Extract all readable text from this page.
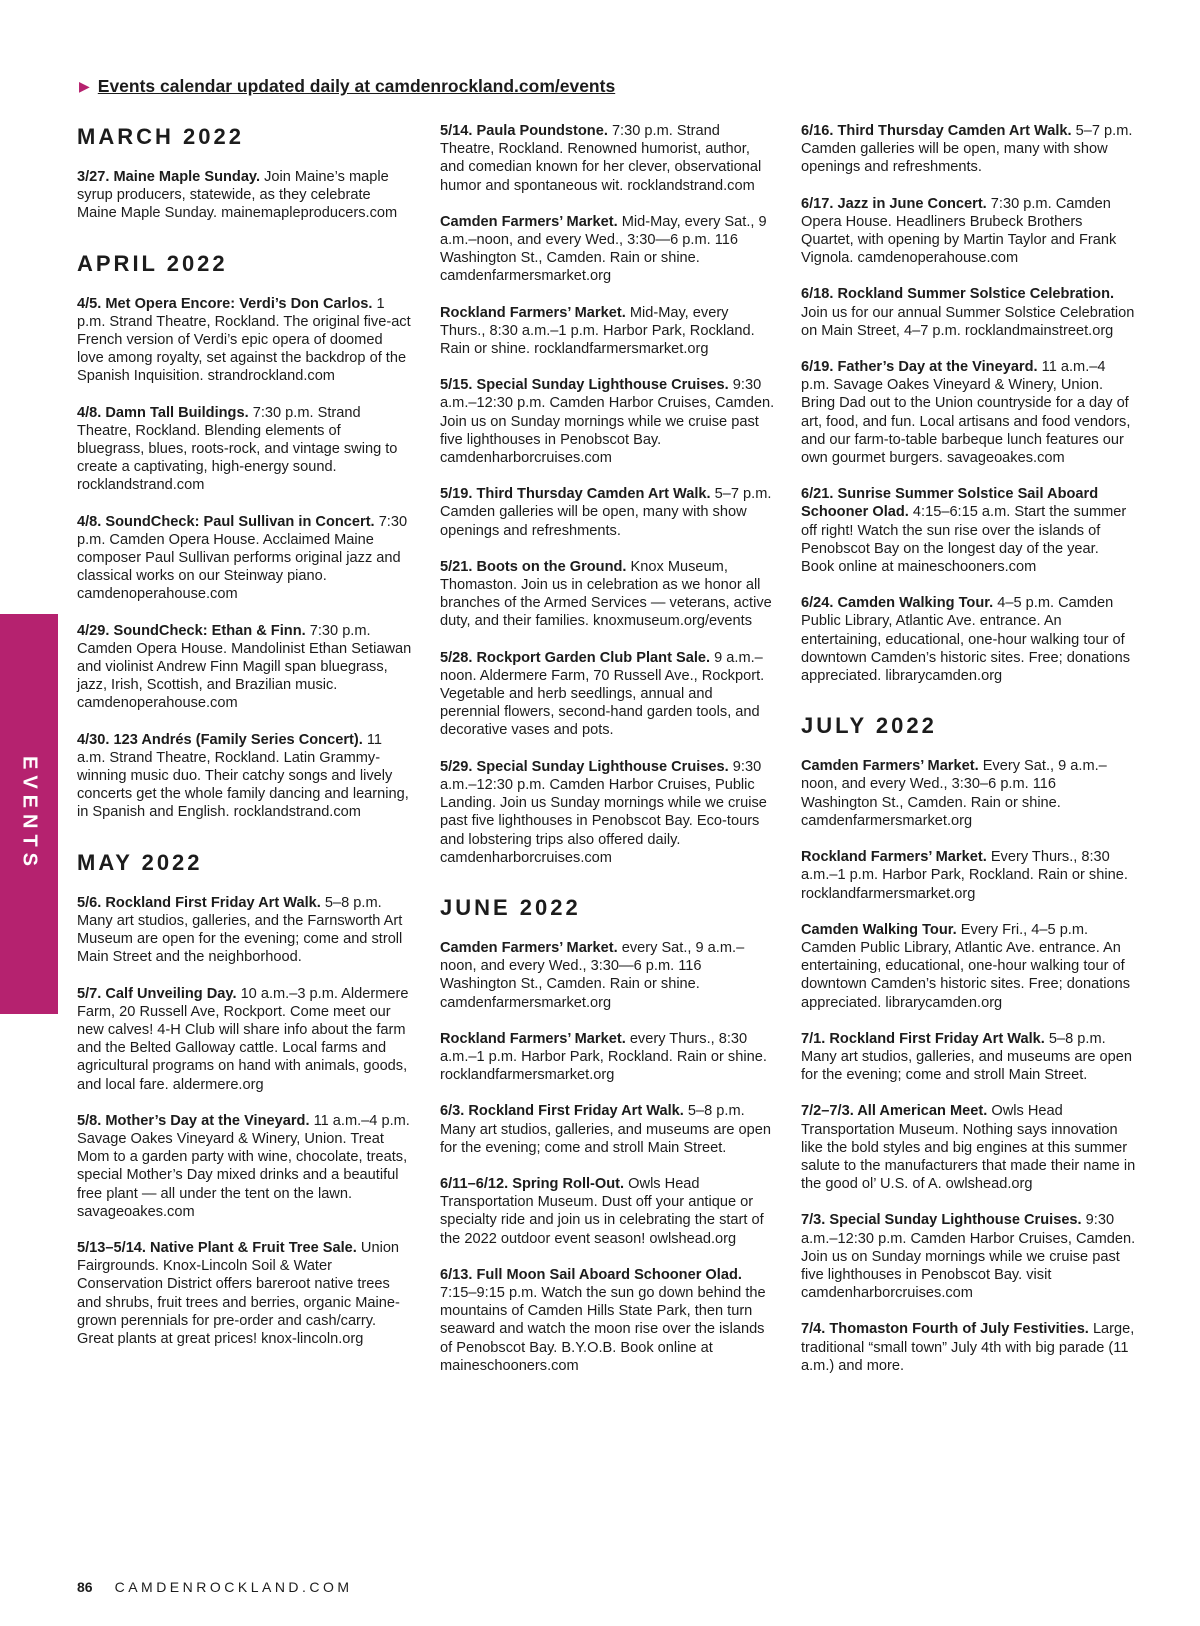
▶ Events calendar updated daily at camdenrockland.com/events
EVENTS
MARCH 2022

3/27. Maine Maple Sunday. Join Maine’s maple syrup producers, statewide, as they celebrate Maine Maple Sunday. mainemapleproducers.com

APRIL 2022

4/5. Met Opera Encore: Verdi’s Don Carlos. 1 p.m. Strand Theatre, Rockland. The original five-act French version of Verdi’s epic opera of doomed love among royalty, set against the backdrop of the Spanish Inquisition. strandrockland.com

4/8. Damn Tall Buildings. 7:30 p.m. Strand Theatre, Rockland. Blending elements of bluegrass, blues, roots-rock, and vintage swing to create a captivating, high-energy sound. rocklandstrand.com

4/8. SoundCheck: Paul Sullivan in Concert. 7:30 p.m. Camden Opera House. Acclaimed Maine composer Paul Sullivan performs original jazz and classical works on our Steinway piano. camdenoperahouse.com

4/29. SoundCheck: Ethan & Finn. 7:30 p.m. Camden Opera House. Mandolinist Ethan Setiawan and violinist Andrew Finn Magill span bluegrass, jazz, Irish, Scottish, and Brazilian music. camdenoperahouse.com

4/30. 123 Andrés (Family Series Concert). 11 a.m. Strand Theatre, Rockland. Latin Grammy-winning music duo. Their catchy songs and lively concerts get the whole family dancing and learning, in Spanish and English. rocklandstrand.com

MAY 2022

5/6. Rockland First Friday Art Walk. 5–8 p.m. Many art studios, galleries, and the Farnsworth Art Museum are open for the evening; come and stroll Main Street and the neighborhood.

5/7. Calf Unveiling Day. 10 a.m.–3 p.m. Aldermere Farm, 20 Russell Ave, Rockport. Come meet our new calves! 4-H Club will share info about the farm and the Belted Galloway cattle. Local farms and agricultural programs on hand with animals, goods, and local fare. aldermere.org

5/8. Mother’s Day at the Vineyard. 11 a.m.–4 p.m. Savage Oakes Vineyard & Winery, Union. Treat Mom to a garden party with wine, chocolate, treats, special Mother’s Day mixed drinks and a beautiful free plant — all under the tent on the lawn. savageoakes.com

5/13–5/14. Native Plant & Fruit Tree Sale. Union Fairgrounds. Knox-Lincoln Soil & Water Conservation District offers bareroot native trees and shrubs, fruit trees and berries, organic Maine-grown perennials for pre-order and cash/carry. Great plants at great prices! knox-lincoln.org

5/14. Paula Poundstone. 7:30 p.m. Strand Theatre, Rockland. Renowned humorist, author, and comedian known for her clever, observational humor and spontaneous wit. rocklandstrand.com

Camden Farmers’ Market. Mid-May, every Sat., 9 a.m.–noon, and every Wed., 3:30—6 p.m. 116 Washington St., Camden. Rain or shine. camdenfarmersmarket.org

Rockland Farmers’ Market. Mid-May, every Thurs., 8:30 a.m.–1 p.m. Harbor Park, Rockland. Rain or shine. rocklandfarmersmarket.org

5/15. Special Sunday Lighthouse Cruises. 9:30 a.m.–12:30 p.m. Camden Harbor Cruises, Camden. Join us on Sunday mornings while we cruise past five lighthouses in Penobscot Bay. camdenharborcruises.com

5/19. Third Thursday Camden Art Walk. 5–7 p.m. Camden galleries will be open, many with show openings and refreshments.

5/21. Boots on the Ground. Knox Museum, Thomaston. Join us in celebration as we honor all branches of the Armed Services — veterans, active duty, and their families. knoxmuseum.org/events

5/28. Rockport Garden Club Plant Sale. 9 a.m.–noon. Aldermere Farm, 70 Russell Ave., Rockport. Vegetable and herb seedlings, annual and perennial flowers, second-hand garden tools, and decorative vases and pots.

5/29. Special Sunday Lighthouse Cruises. 9:30 a.m.–12:30 p.m. Camden Harbor Cruises, Public Landing. Join us Sunday mornings while we cruise past five lighthouses in Penobscot Bay. Eco-tours and lobstering trips also offered daily. camdenharborcruises.com

JUNE 2022

Camden Farmers’ Market. every Sat., 9 a.m.–noon, and every Wed., 3:30—6 p.m. 116 Washington St., Camden. Rain or shine. camdenfarmersmarket.org

Rockland Farmers’ Market. every Thurs., 8:30 a.m.–1 p.m. Harbor Park, Rockland. Rain or shine. rocklandfarmersmarket.org

6/3. Rockland First Friday Art Walk. 5–8 p.m. Many art studios, galleries, and museums are open for the evening; come and stroll Main Street.

6/11–6/12. Spring Roll-Out. Owls Head Transportation Museum. Dust off your antique or specialty ride and join us in celebrating the start of the 2022 outdoor event season! owlshead.org

6/13. Full Moon Sail Aboard Schooner Olad. 7:15–9:15 p.m. Watch the sun go down behind the mountains of Camden Hills State Park, then turn seaward and watch the moon rise over the islands of Penobscot Bay. B.Y.O.B. Book online at maineschooners.com

6/16. Third Thursday Camden Art Walk. 5–7 p.m. Camden galleries will be open, many with show openings and refreshments.

6/17. Jazz in June Concert. 7:30 p.m. Camden Opera House. Headliners Brubeck Brothers Quartet, with opening by Martin Taylor and Frank Vignola. camdenoperahouse.com

6/18. Rockland Summer Solstice Celebration. Join us for our annual Summer Solstice Celebration on Main Street, 4–7 p.m. rocklandmainstreet.org

6/19. Father’s Day at the Vineyard. 11 a.m.–4 p.m. Savage Oakes Vineyard & Winery, Union. Bring Dad out to the Union countryside for a day of art, food, and fun. Local artisans and food vendors, and our farm-to-table barbeque lunch features our own gourmet burgers. savageoakes.com

6/21. Sunrise Summer Solstice Sail Aboard Schooner Olad. 4:15–6:15 a.m. Start the summer off right! Watch the sun rise over the islands of Penobscot Bay on the longest day of the year. Book online at maineschooners.com

6/24. Camden Walking Tour. 4–5 p.m. Camden Public Library, Atlantic Ave. entrance. An entertaining, educational, one-hour walking tour of downtown Camden’s historic sites. Free; donations appreciated. librarycamden.org

JULY 2022

Camden Farmers’ Market. Every Sat., 9 a.m.–noon, and every Wed., 3:30–6 p.m. 116 Washington St., Camden. Rain or shine. camdenfarmersmarket.org

Rockland Farmers’ Market. Every Thurs., 8:30 a.m.–1 p.m. Harbor Park, Rockland. Rain or shine. rocklandfarmersmarket.org

Camden Walking Tour. Every Fri., 4–5 p.m. Camden Public Library, Atlantic Ave. entrance. An entertaining, educational, one-hour walking tour of downtown Camden’s historic sites. Free; donations appreciated. librarycamden.org

7/1. Rockland First Friday Art Walk. 5–8 p.m. Many art studios, galleries, and museums are open for the evening; come and stroll Main Street.

7/2–7/3. All American Meet. Owls Head Transportation Museum. Nothing says innovation like the bold styles and big engines at this summer salute to the manufacturers that made their name in the good ol’ U.S. of A. owlshead.org

7/3. Special Sunday Lighthouse Cruises. 9:30 a.m.–12:30 p.m. Camden Harbor Cruises, Camden. Join us on Sunday mornings while we cruise past five lighthouses in Penobscot Bay. visit camdenharborcruises.com

7/4. Thomaston Fourth of July Festivities. Large, traditional “small town” July 4th with big parade (11 a.m.) and more.

86 CAMDENROCKLAND.COM
